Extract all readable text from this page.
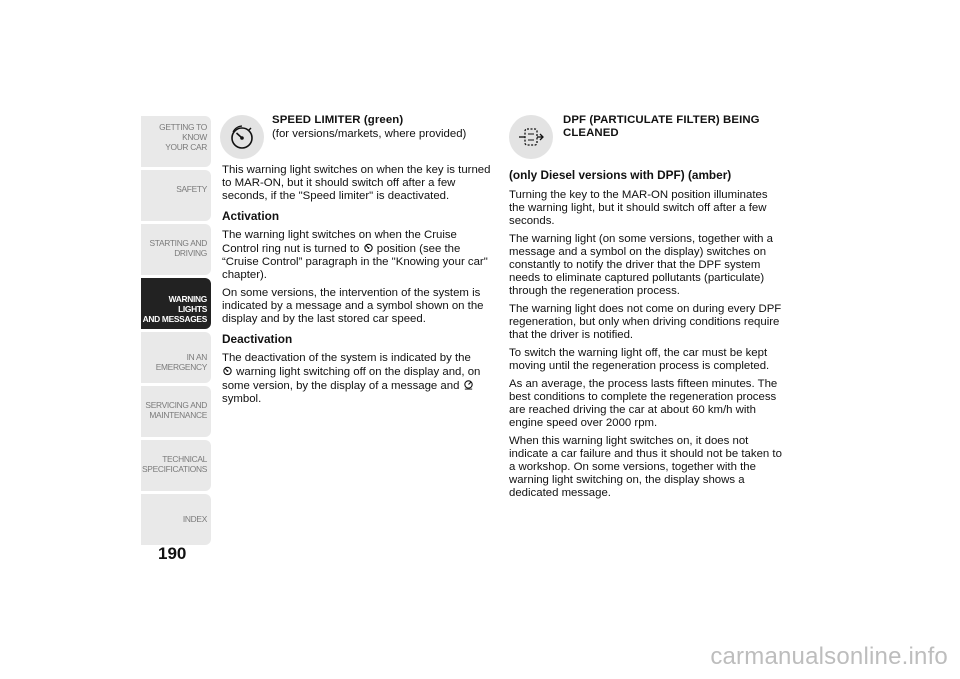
GETTING TO KNOW
YOUR CAR
SAFETY
STARTING AND
DRIVING
WARNING LIGHTS
AND MESSAGES
IN AN EMERGENCY
SERVICING AND
MAINTENANCE
TECHNICAL
SPECIFICATIONS
INDEX
190
SPEED LIMITER (green)
(for versions/markets, where provided)

This warning light switches on when the key is turned to MAR-ON, but it should switch off after a few seconds, if the "Speed limiter" is deactivated.

Activation

The warning light switches on when the Cruise Control ring nut is turned to position (see the “Cruise Control” paragraph in the "Knowing your car" chapter).

On some versions, the intervention of the system is indicated by a message and a symbol shown on the display and by the last stored car speed.

Deactivation

The deactivation of the system is indicated by the
warning light switching off on the display and, on some version, by the display of a message and symbol.

DPF (PARTICULATE FILTER) BEING CLEANED
(only Diesel versions with DPF) (amber)

Turning the key to the MAR-ON position illuminates the warning light, but it should switch off after a few seconds.

The warning light (on some versions, together with a message and a symbol on the display) switches on constantly to notify the driver that the DPF system needs to eliminate captured pollutants (particulate) through the regeneration process.

The warning light does not come on during every DPF regeneration, but only when driving conditions require that the driver is notified.

To switch the warning light off, the car must be kept moving until the regeneration process is completed.

As an average, the process lasts fifteen minutes. The best conditions to complete the regeneration process are reached driving the car at about 60 km/h with engine speed over 2000 rpm.

When this warning light switches on, it does not indicate a car failure and thus it should not be taken to a workshop. On some versions, together with the warning light switching on, the display shows a dedicated message.

carmanualsonline.info
